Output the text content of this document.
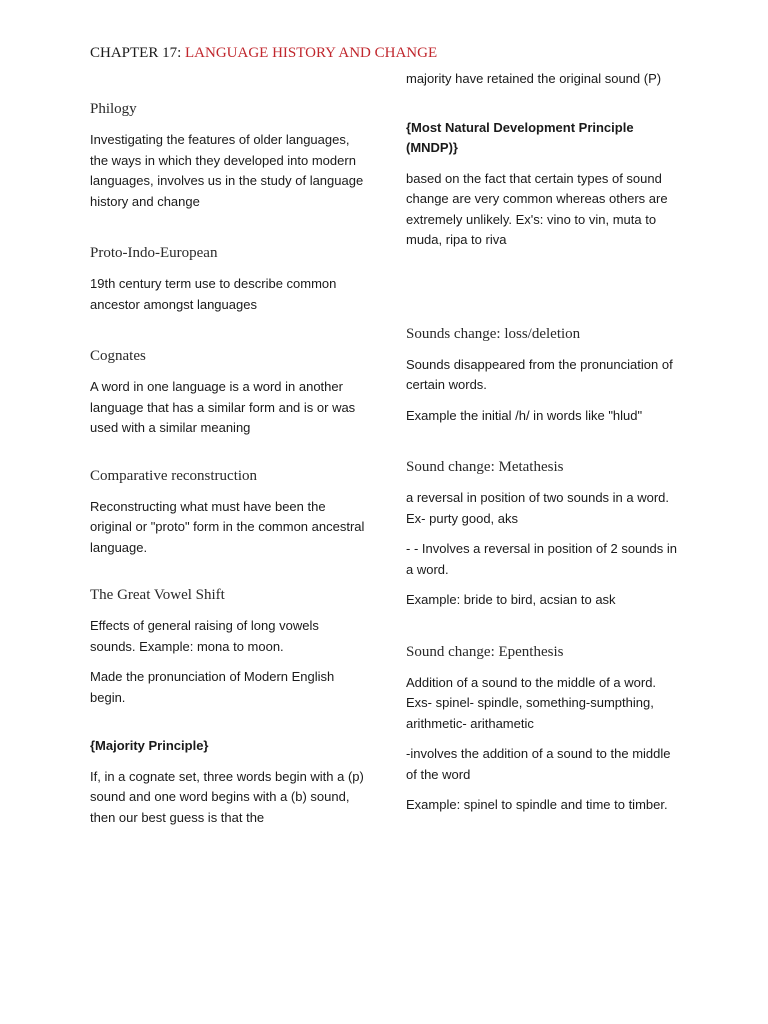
CHAPTER 17: LANGUAGE HISTORY AND CHANGE
Philogy

Investigating the features of older languages, the ways in which they developed into modern languages, involves us in the study of language history and change

Proto-Indo-European

19th century term use to describe common ancestor amongst languages

Cognates

A word in one language is a word in another language that has a similar form and is or was used with a similar meaning

Comparative reconstruction

Reconstructing what must have been the original or "proto" form in the common ancestral language.

The Great Vowel Shift

Effects of general raising of long vowels sounds. Example: mona to moon.

Made the pronunciation of Modern English begin.

{Majority Principle}

If, in a cognate set, three words begin with a (p) sound and one word begins with a (b) sound, then our best guess is that the

majority have retained the original sound (P)

{Most Natural Development Principle (MNDP)}

based on the fact that certain types of sound change are very common whereas others are extremely unlikely. Ex's: vino to vin, muta to muda, ripa to riva

Sounds change: loss/deletion

Sounds disappeared from the pronunciation of certain words.

Example the initial /h/ in words like "hlud"

Sound change: Metathesis

a reversal in position of two sounds in a word. Ex- purty good, aks

- - Involves a reversal in position of 2 sounds in a word.

Example: bride to bird, acsian to ask

Sound change: Epenthesis

Addition of a sound to the middle of a word. Exs- spinel- spindle, something-sumpthing, arithmetic- arithametic

-involves the addition of a sound to the middle of the word

Example: spinel to spindle and time to timber.
